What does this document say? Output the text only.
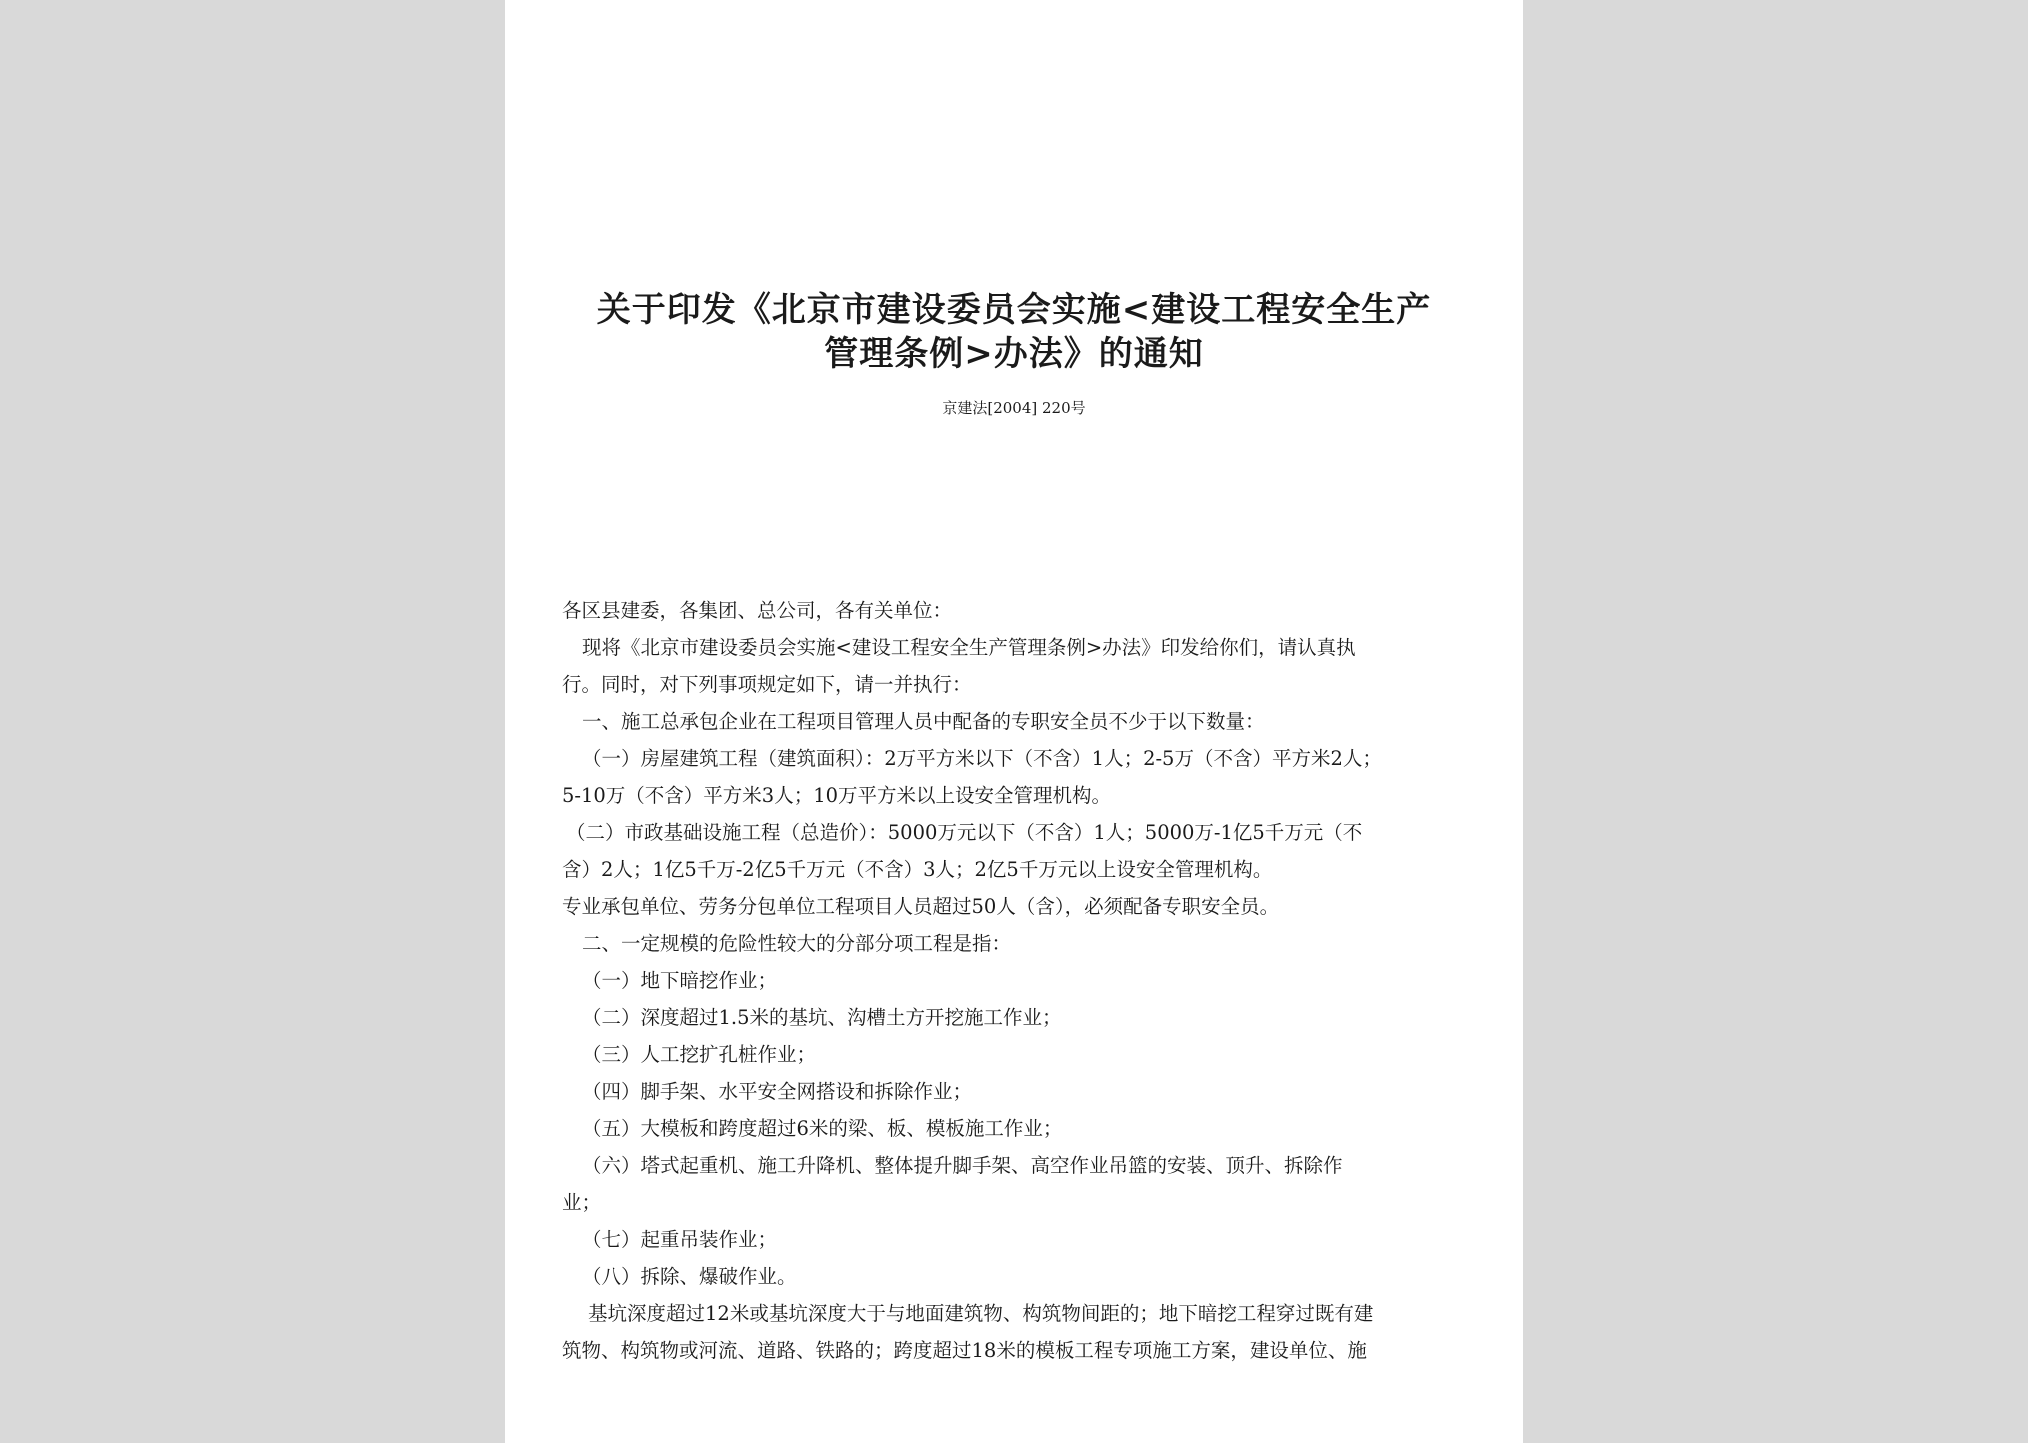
关于印发《北京市建设委员会实施<建设工程安全生产
管理条例>办法》的通知
京建法[2004] 220号
各区县建委，各集团、总公司，各有关单位：
现将《北京市建设委员会实施<建设工程安全生产管理条例>办法》印发给你们，请认真执
行。同时，对下列事项规定如下，请一并执行：
一、施工总承包企业在工程项目管理人员中配备的专职安全员不少于以下数量：
（一）房屋建筑工程（建筑面积）：2万平方米以下（不含）1人；2-5万（不含）平方米2人；
5-10万（不含）平方米3人；10万平方米以上设安全管理机构。
（二）市政基础设施工程（总造价）：5000万元以下（不含）1人；5000万-1亿5千万元（不
含）2人；1亿5千万-2亿5千万元（不含）3人；2亿5千万元以上设安全管理机构。
专业承包单位、劳务分包单位工程项目人员超过50人（含），必须配备专职安全员。
二、一定规模的危险性较大的分部分项工程是指：
（一）地下暗挖作业；
（二）深度超过1.5米的基坑、沟槽土方开挖施工作业；
（三）人工挖扩孔桩作业；
（四）脚手架、水平安全网搭设和拆除作业；
（五）大模板和跨度超过6米的梁、板、模板施工作业；
（六）塔式起重机、施工升降机、整体提升脚手架、高空作业吊篮的安装、顶升、拆除作
业；
（七）起重吊装作业；
（八）拆除、爆破作业。
基坑深度超过12米或基坑深度大于与地面建筑物、构筑物间距的；地下暗挖工程穿过既有建
筑物、构筑物或河流、道路、铁路的；跨度超过18米的模板工程专项施工方案，建设单位、施
